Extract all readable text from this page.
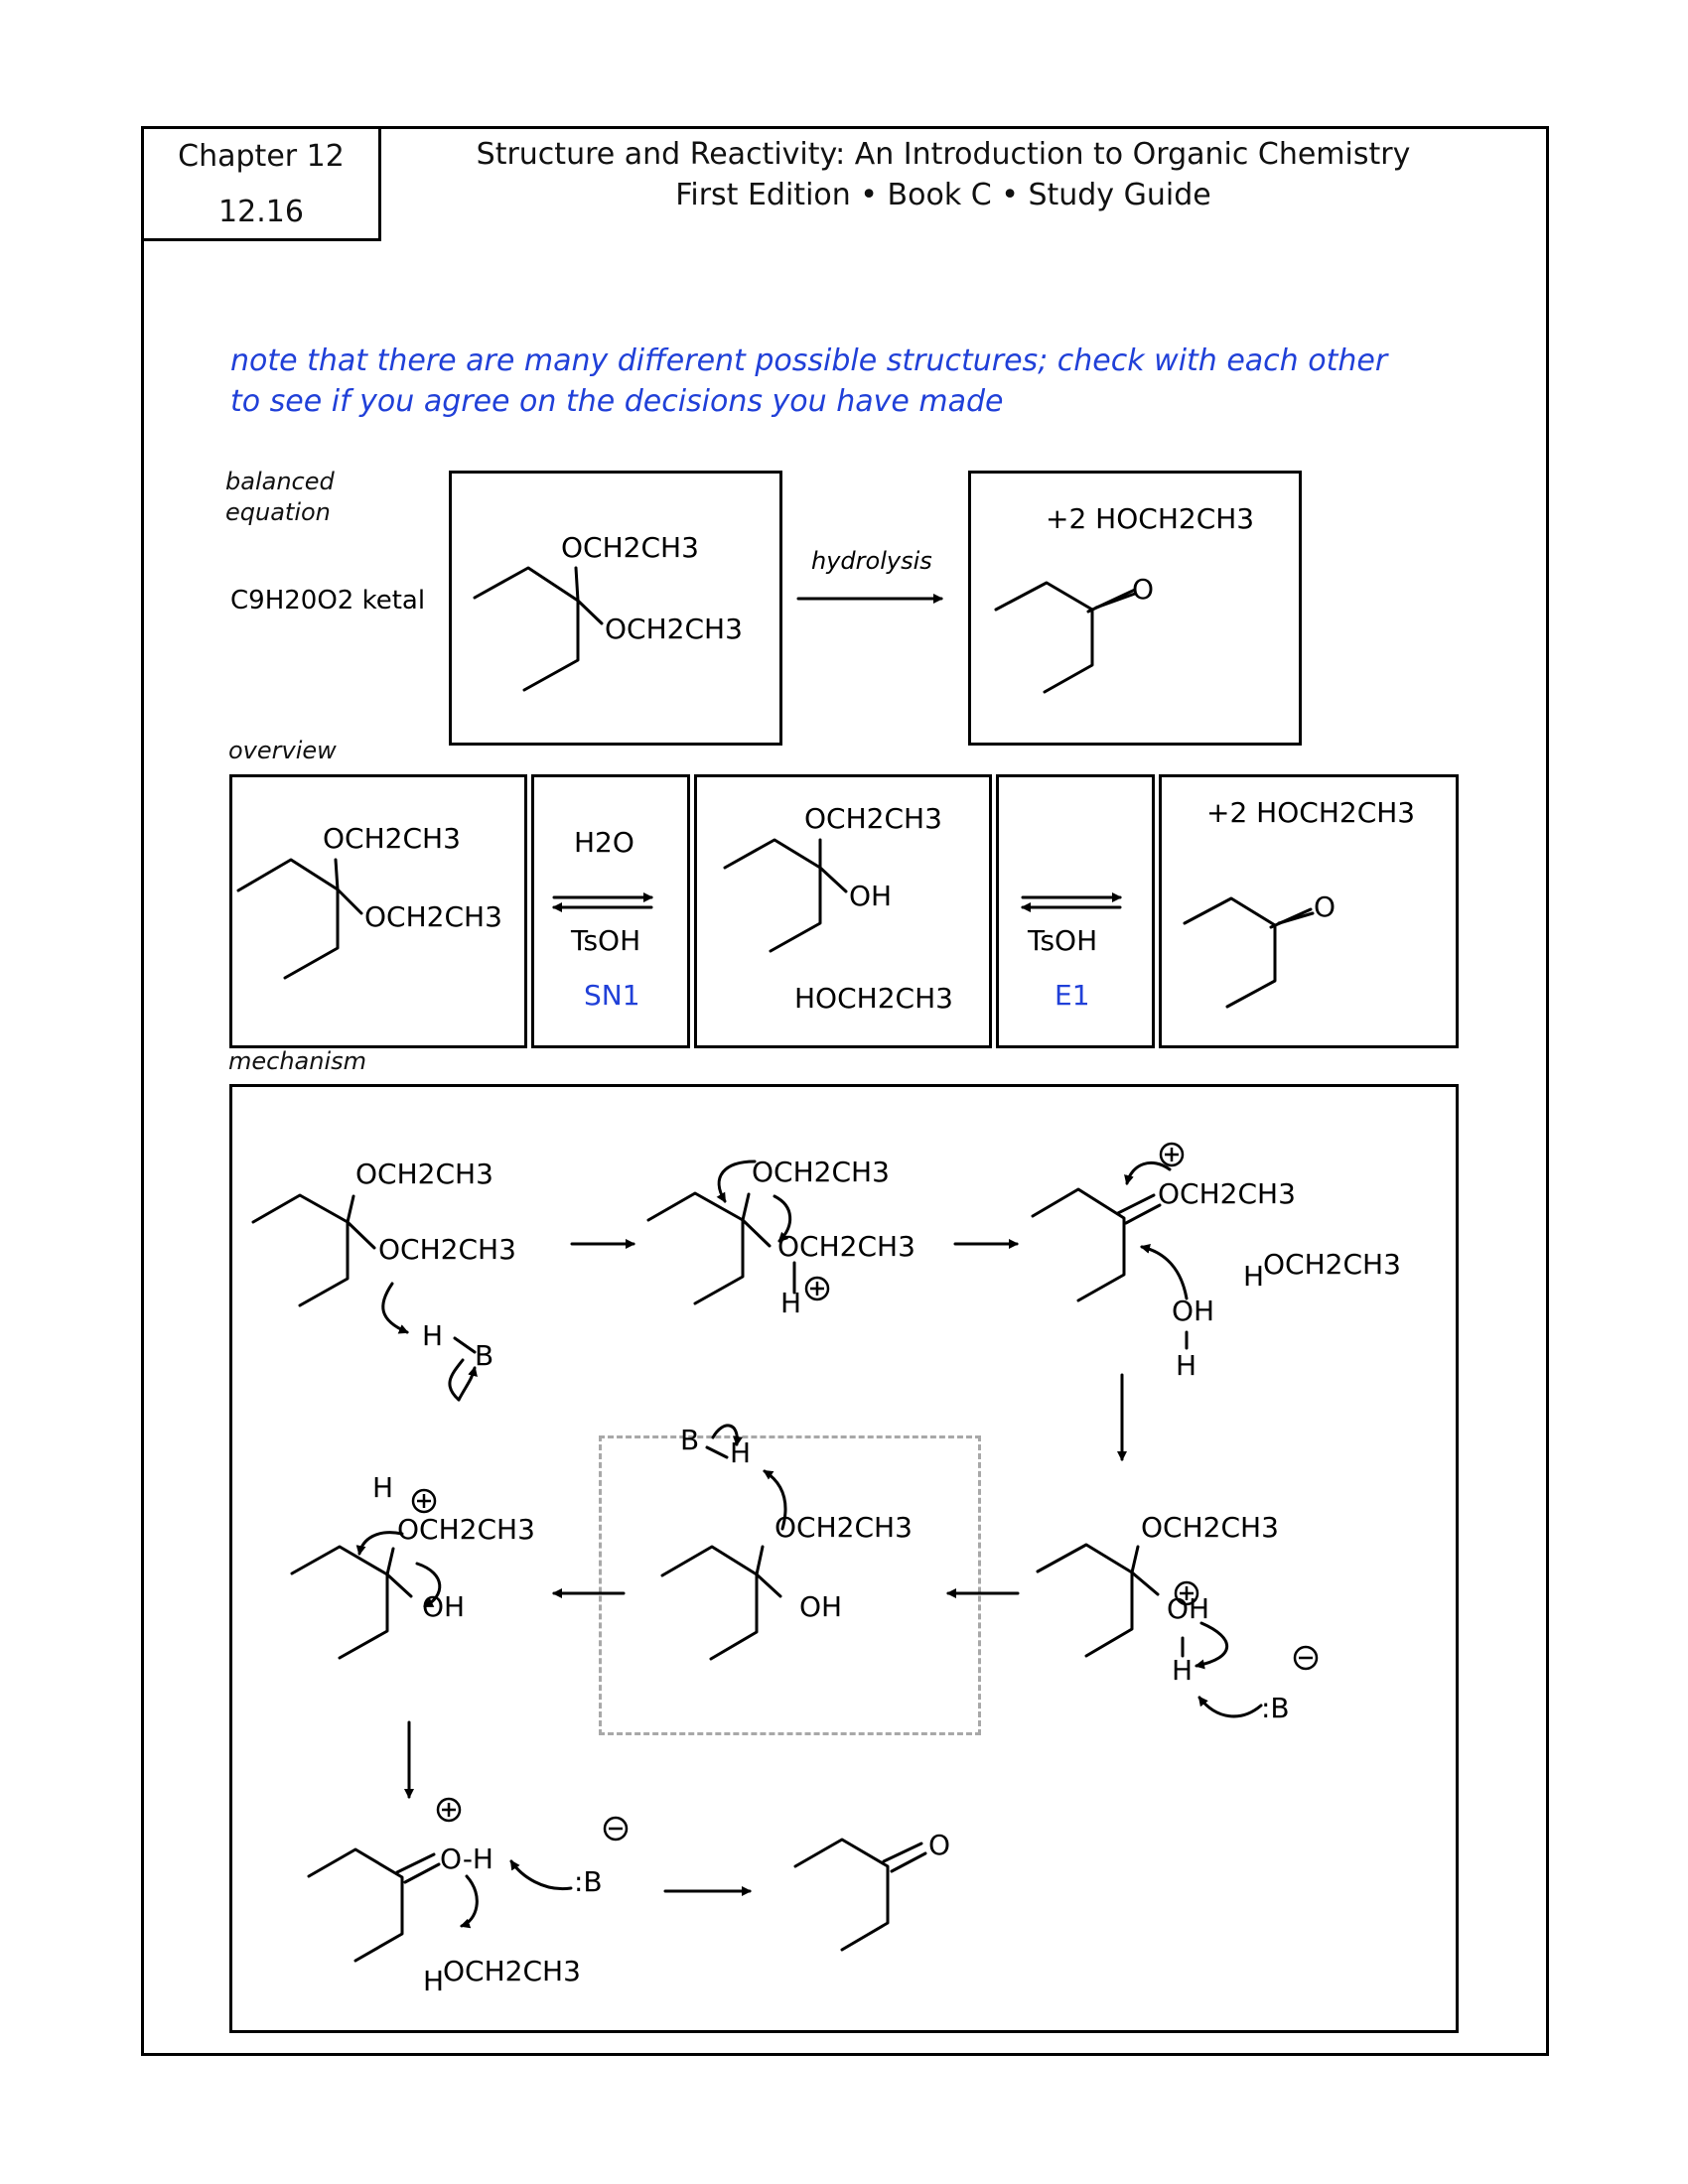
Chapter 12
12.16
Structure and Reactivity: An Introduction to Organic Chemistry
First Edition • Book C • Study Guide
note that there are many different possible structures; check with each other
to see if you agree on the decisions you have made
balanced
equation
overview
mechanism
C9H20O2 ketal
OCH2CH3
OCH2CH3
hydrolysis
+2 HOCH2CH3
O
OCH2CH3
OCH2CH3
H2O
TsOH
SN1
OCH2CH3
OH
HOCH2CH3
TsOH
E1
+2 HOCH2CH3
O
OCH2CH3
OCH2CH3
H
B
OCH2CH3
OCH2CH3
H
OCH2CH3
H
OCH2CH3
OH
H
OCH2CH3
OH
H
:B
B H
OCH2CH3
OH
H
OCH2CH3
OH
O-H
:B
H
OCH2CH3
O
